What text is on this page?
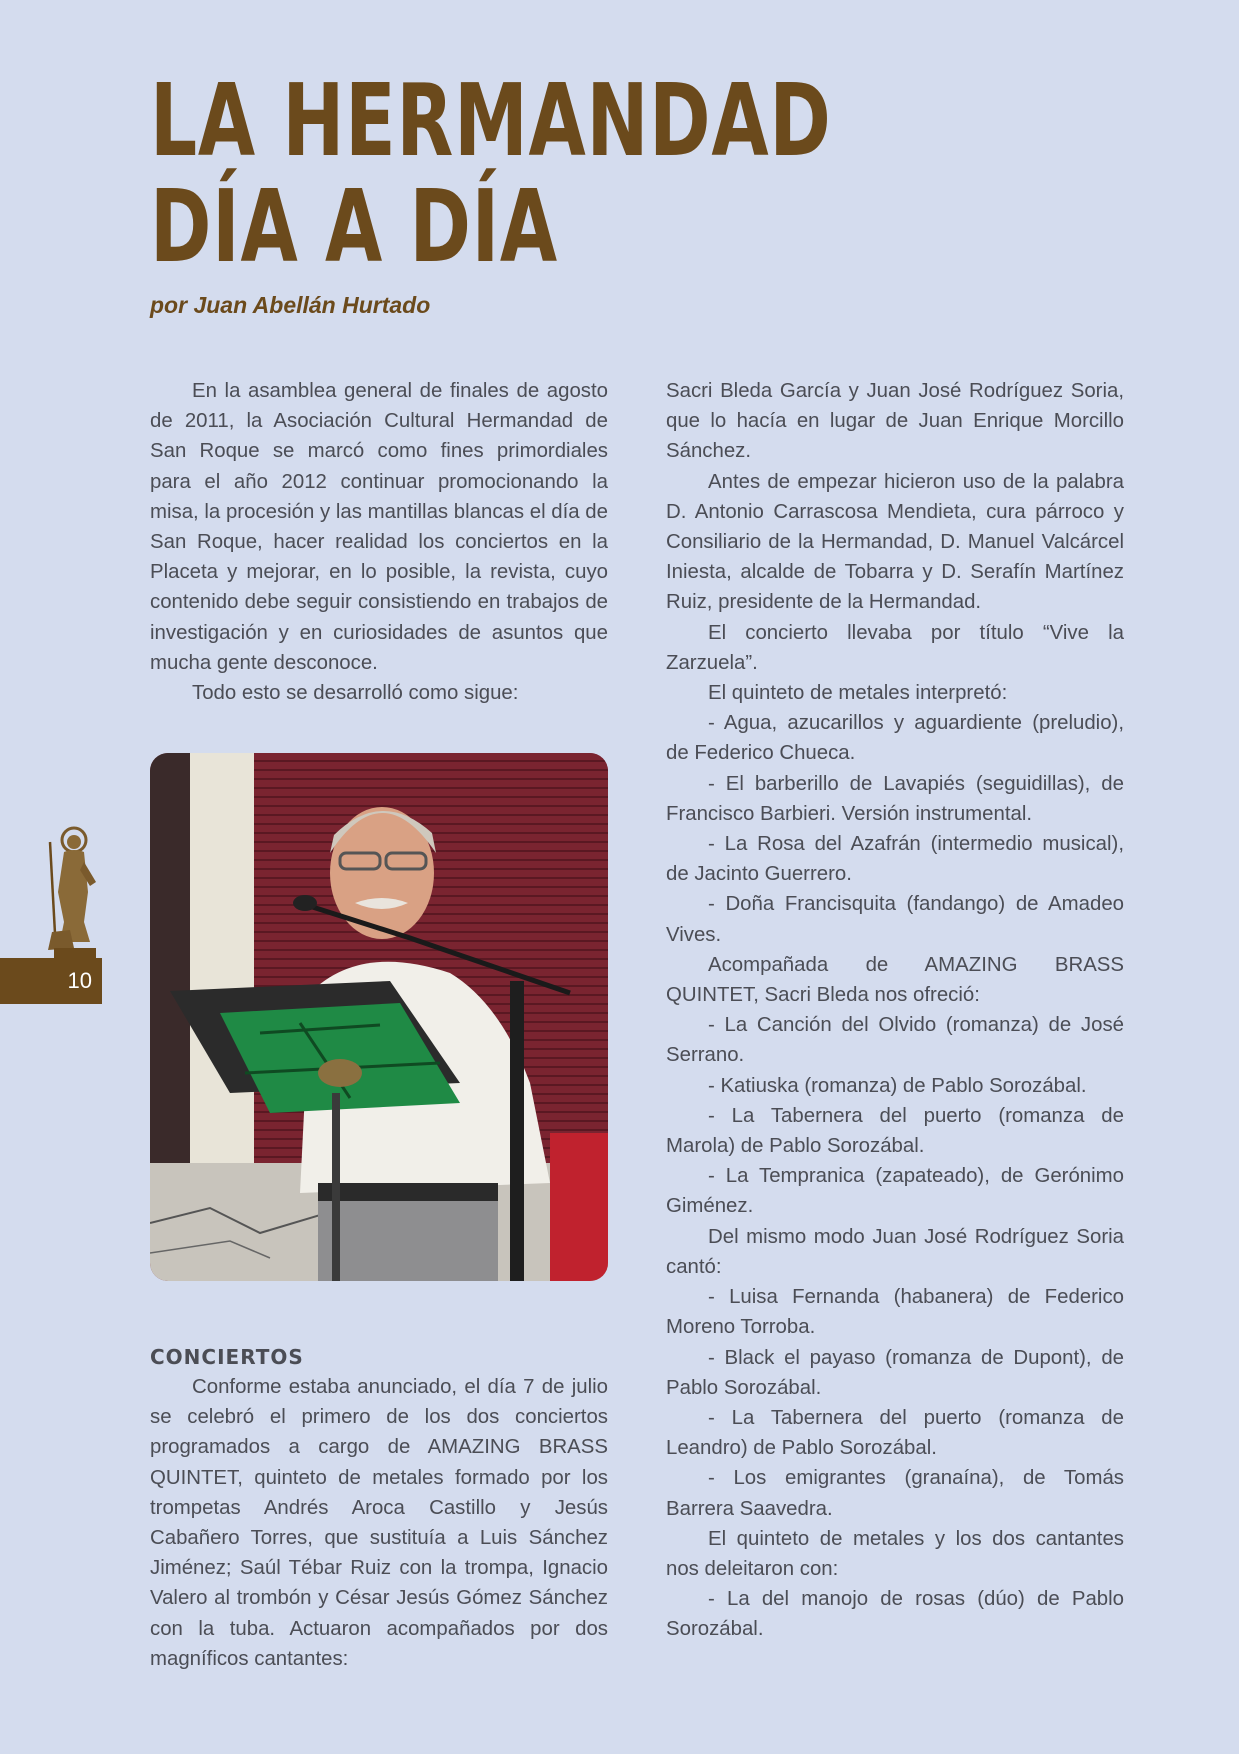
LA HERMANDAD
DÍA A DÍA

por Juan Abellán Hurtado

En la asamblea general de finales de agosto de 2011, la Asociación Cultural Hermandad de San Roque se marcó como fines primordiales para el año 2012 continuar promocionando la misa, la procesión y las mantillas blancas el día de San Roque, hacer realidad los conciertos en la Placeta y mejorar, en lo posible, la revista, cuyo contenido debe seguir consistiendo en trabajos de investigación y en curiosidades de asuntos que mucha gente desconoce.

Todo esto se desarrolló como sigue:

CONCIERTOS

Conforme estaba anunciado, el día 7 de julio se celebró el primero de los dos conciertos programados a cargo de AMAZING BRASS QUINTET, quinteto de metales formado por los trompetas Andrés Aroca Castillo y Jesús Cabañero Torres, que sustituía a Luis Sánchez Jiménez; Saúl Tébar Ruiz con la trompa, Ignacio Valero al trombón y César Jesús Gómez Sánchez con la tuba. Actuaron acompañados por dos magníficos cantantes:

Sacri Bleda García y Juan José Rodríguez Soria, que lo hacía en lugar de Juan Enrique Morcillo Sánchez.

Antes de empezar hicieron uso de la palabra D. Antonio Carrascosa Mendieta, cura párroco y Consiliario de la Hermandad, D. Manuel Valcárcel Iniesta, alcalde de Tobarra y D. Serafín Martínez Ruiz, presidente de la Hermandad.

El concierto llevaba por título “Vive la Zarzuela”.

El quinteto de metales interpretó:

- Agua, azucarillos y aguardiente (preludio), de Federico Chueca.

- El barberillo de Lavapiés (seguidillas), de Francisco Barbieri. Versión instrumental.

- La Rosa del Azafrán (intermedio musical), de Jacinto Guerrero.

- Doña Francisquita (fandango) de Amadeo Vives.

Acompañada de AMAZING BRASS QUINTET, Sacri Bleda nos ofreció:

- La Canción del Olvido (romanza) de José Serrano.

- Katiuska (romanza) de Pablo Sorozábal.

- La Tabernera del puerto (romanza de Marola) de Pablo Sorozábal.

- La Tempranica (zapateado), de Gerónimo Giménez.

Del mismo modo Juan José Rodríguez Soria cantó:

- Luisa Fernanda (habanera) de Federico Moreno Torroba.

- Black el payaso (romanza de Dupont), de Pablo Sorozábal.

- La Tabernera del puerto (romanza de Leandro) de Pablo Sorozábal.

- Los emigrantes (granaína), de Tomás Barrera Saavedra.

El quinteto de metales y los dos cantantes nos deleitaron con:

- La del manojo de rosas (dúo) de Pablo Sorozábal.

10
